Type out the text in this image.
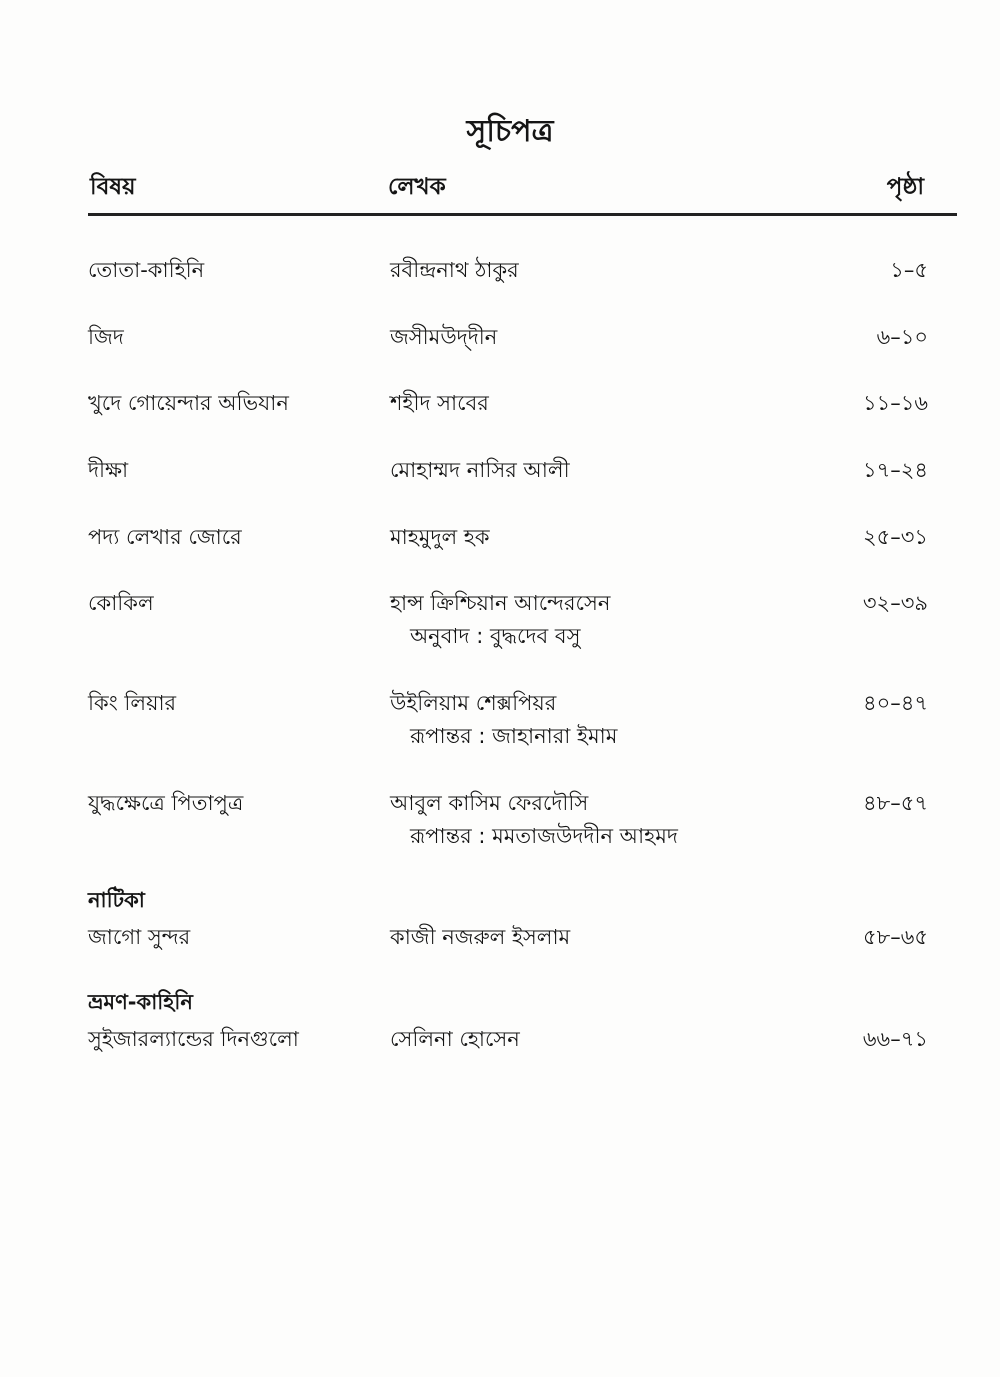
সূচিপত্র
বিষয়	লেখক	পৃষ্ঠা
তোতা-কাহিনি	রবীন্দ্রনাথ ঠাকুর	১–৫
জিদ	জসীমউদ্‌দীন	৬–১০
খুদে গোয়েন্দার অভিযান	শহীদ সাবের	১১–১৬
দীক্ষা	মোহাম্মদ নাসির আলী	১৭–২৪
পদ্য লেখার জোরে	মাহমুদুল হক	২৫–৩১
কোকিল	হান্স ক্রিশ্চিয়ান আন্দেরসেন	৩২–৩৯
অনুবাদ : বুদ্ধদেব বসু
কিং লিয়ার	উইলিয়াম শেক্সপিয়র	৪০–৪৭
রূপান্তর : জাহানারা ইমাম
যুদ্ধক্ষেত্রে পিতাপুত্র	আবুল কাসিম ফেরদৌসি	৪৮–৫৭
রূপান্তর : মমতাজউদদীন আহমদ
নাটিকা
জাগো সুন্দর	কাজী নজরুল ইসলাম	৫৮–৬৫
ভ্রমণ-কাহিনি
সুইজারল্যান্ডের দিনগুলো	সেলিনা হোসেন	৬৬–৭১
